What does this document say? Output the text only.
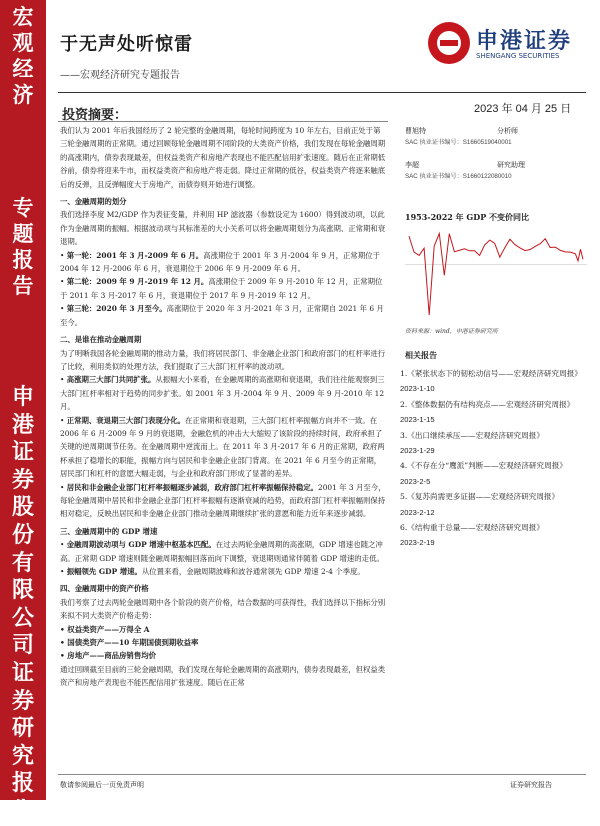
宏
观
经
济
专
题
报
告
申
港
证
券
股
份
有
限
公
司
证
券
研
究
报
告
于无声处听惊雷
——宏观经济研究专题报告
申港证券
SHENGANG SECURITIES
投资摘要：	2023 年 04 月 25 日

我们认为 2001 年后我国经历了 2 轮完整的金融周期，每轮时间跨度为 10 年左右，目前正处于第三轮金融周期的正常期。通过回顾每轮金融周期不同阶段的大类资产价格，我们发现在每轮金融周期的高涨期内，债券表现最差，但权益类资产和房地产表现也不能匹配信用扩张速度。随后在正常期低谷前，债券将迎来牛市，而权益类资产和房地产将走弱。降过正常期的低谷，权益类资产将逐来触底后的反弹，且反弹幅度大于房地产，而债券则开始进行调整。

一、金融周期的划分

我们选择李度 M2/GDP 作为表征变量，并利用 HP 滤波器（参数设定为 1600）得到波动项，以此作为金融周期的振幅。根据波动项与其标准差的大小关系可以将金融周期划分为高涨期、正常期和衰退期。

• 第一轮：2001 年 3 月-2009 年 6 月。高涨期位于 2001 年 3 月-2004 年 9 月，正常期位于 2004 年 12 月-2006 年 6 月，衰退期位于 2006 年 9 月-2009 年 6 月。

• 第二轮：2009 年 9 月-2019 年 12 月。高涨期位于 2009 年 9 月-2010 年 12 月，正常期位于 2011 年 3 月-2017 年 6 月，衰退期位于 2017 年 9 月-2019 年 12 月。

• 第三轮：2020 年 3 月至今。高涨期位于 2020 年 3 月-2021 年 3 月，正常期自 2021 年 6 月至今。

二、是谁在推动金融周期

为了明晰我国各轮金融周期的推动力量，我们将居民部门、非金融企业部门和政府部门的杠杆率进行了比较，利用类似的处理方法，我们提取了三大部门杠杆率的波动项。

• 高涨期三大部门共同扩张。从振幅大小来看，在金融周期的高涨期和衰退期，我们往往能观察到三大部门杠杆率相对于趋势的同步扩张。如 2001 年 3 月-2004 年 9 月、2009 年 9 月-2010 年 12 月。

• 正常期、衰退期三大部门表现分化。在正常期和衰退期，三大部门杠杆率振幅方向并不一致。在 2006 年 6 月-2009 年 9 月的衰退期，金融危机的冲击大大缩短了该阶段的持续时间，政府承担了关键的逆周期调节任务。在金融周期中逆流而上。在 2011 年 3 月-2017 年 6 月的正常期，政府两杯承担了稳增长的职能，振幅方向与居民和非金融企业部门背离。在 2021 年 6 月至今的正常期，居民部门和杠杆的意愿大幅走弱，与企业和政府部门形成了显著的差异。

• 居民和非金融企业部门杠杆率振幅逐步减弱，政府部门杠杆率振幅保持稳定。2001 年 3 月至今，每轮金融周期中居民和非金融企业部门杠杆率振幅有逐渐衰减的趋势，而政府部门杠杆率振幅则保持相对稳定，反映出居民和非金融企业部门推动金融周期继续扩张的意愿和能力近年来逐步减弱。

三、金融周期中的 GDP 增速

• 金融周期波动项与 GDP 增速中枢基本匹配。在过去两轮金融周期的高涨期，GDP 增速也随之冲高。正常期 GDP 增速则随金融周期振幅回落而向下调整，衰退期则通常伴随着 GDP 增速的走低。

• 振幅领先 GDP 增速。从位置来看，金融周期波峰和波谷通常领先 GDP 增速 2-4 个季度。

四、金融周期中的资产价格

我们考察了过去两轮金融周期中各个阶段的资产价格，结合数据的可获得性，我们选择以下指标分别来拟不同大类资产价格走势：

• 权益类资产——万得全 A

• 国债类资产——10 年期国债到期收益率

• 房地产——商品房销售均价

通过回顾截至目前的三轮金融周期，我们发现在每轮金融周期的高涨期内，债券表现最差，但权益类资产和房地产表现也不能匹配信用扩张速度。随后在正常

曹旭特	分析师
SAC 执业证书编号： S1660519040001
李超	研究助理
SAC 执业证书编号： S1660122080010
1953-2022 年 GDP 不变价同比
资料来源：wind，申港证券研究所
相关报告

1.《紧张状态下的韧松动信号——宏观经济研究周报》

2023-1-10

2.《整体数据仍有结构亮点——宏观经济研究周报》

2023-1-15

3.《出口继续承压——宏观经济研究周报》

2023-1-29

4.《不存在分“鹰派”判断——宏观经济研究周报》

2023-2-5

5.《复苏尚需更多证据——宏观经济研究周报》

2023-2-12

6.《结构重于总量——宏观经济研究周报》

2023-2-19

敬请参阅最后一页免责声明	证券研究报告
